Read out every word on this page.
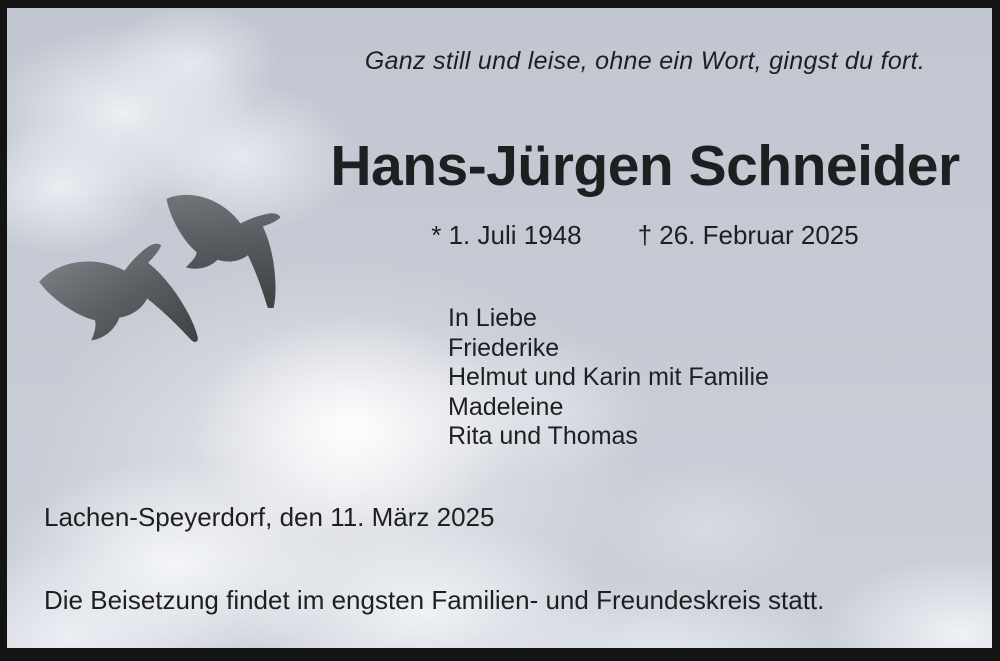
Ganz still und leise, ohne ein Wort, gingst du fort.
Hans-Jürgen Schneider
* 1. Juli 1948 † 26. Februar 2025
In Liebe
Friederike
Helmut und Karin mit Familie
Madeleine
Rita und Thomas
Lachen-Speyerdorf, den 11. März 2025
Die Beisetzung findet im engsten Familien- und Freundeskreis statt.
